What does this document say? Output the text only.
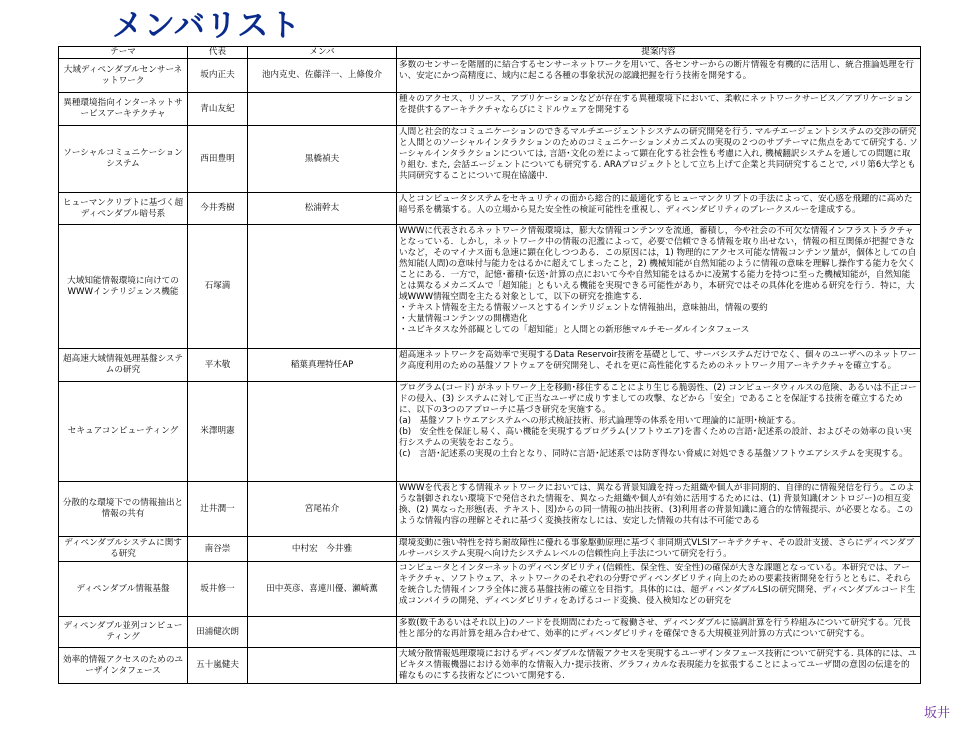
メンバリスト
テーマ	代表	メンバ	提案内容

大域ディペンダブルセンサーネットワーク	坂内正夫	池内克史、佐藤洋一、上條俊介	多数のセンサーを階層的に結合するセンサーネットワークを用いて、各センサーからの断片情報を有機的に活用し、統合推論処理を行い、安定にかつ高精度に、域内に起こる各種の事象状況の認識把握を行う技術を開発する。

異種環境指向インターネットサービスアーキテクチャ	青山友紀		種々のアクセス、リソース、アプリケーションなどが存在する異種環境下において、柔軟にネットワークサービス／アプリケーションを提供するアーキテクチャならびにミドルウェアを開発する

ソーシャルコミュニケーションシステム	西田豊明	黒橋禎夫	人間と社会的なコミュニケーションのできるマルチエージェントシステムの研究開発を行う. マルチエージェントシステムの交渉の研究と人間とのソーシャルインタラクションのためのコミュニケーションメカニズムの実現の２つのサブテーマに焦点をあてて研究する. ソーシャルインタラクションについては, 言語･文化の差によって顕在化する社会性も考慮に入れ, 機械翻訳システムを通しての問題に取り組む. また, 会話エージェントについても研究する. ARAプロジェクトとして立ち上げて企業と共同研究することで, パリ第6大学とも共同研究することについて現在協議中.

ヒューマンクリプトに基づく超ディペンダブル暗号系	今井秀樹	松浦幹太	人とコンピュータシステムをセキュリティの面から総合的に最適化するヒューマンクリプトの手法によって、安心感を飛躍的に高めた暗号系を構築する。人の立場から見た安全性の検証可能性を重視し、ディペンダビリティのブレークスルーを達成する。

大域知能情報環境に向けてのWWWインテリジェンス機能	石塚満		WWWに代表されるネットワーク情報環境は，膨大な情報コンテンツを流通，蓄積し，今や社会の不可欠な情報インフラストラクチャとなっている．しかし，ネットワーク中の情報の氾濫によって，必要で信頼できる情報を取り出せない，情報の相互関係が把握できないなど，そのマイナス面も急速に顕在化しつつある．この原因には，1) 物理的にアクセス可能な情報コンテンツ量が，個体としての自然知能(人間)の意味付与能力をはるかに超えてしまったこと，2) 機械知能が自然知能のように情報の意味を理解し操作する能力を欠くことにある．一方で，記憶･蓄積･伝送･計算の点において今や自然知能をはるかに凌駕する能力を持つに至った機械知能が，自然知能とは異なるメカニズムで「超知能」ともいえる機能を実現できる可能性があり，本研究ではその具体化を進める研究を行う．特に，大域WWW情報空間を主たる対象として，以下の研究を推進する．
・テキスト情報を主たる情報ソースとするインテリジェントな情報抽出，意味抽出，情報の要約
・大量情報コンテンツの開構造化
・ユビキタスな外部観としての「超知能」と人間との新形態マルチモーダルインタフェース

超高速大域情報処理基盤システムの研究	平木敬	稲葉真理特任AP	超高速ネットワークを高効率で実現するData Reservoir技術を基礎として、サーバシステムだけでなく、個々のユーザへのネットワーク高度利用のための基盤ソフトウェアを研究開発し、それを更に高性能化するためのネットワーク用アーキテクチャを確立する。

セキュアコンピューティング	米澤明憲		プログラム(コード) がネットワーク上を移動･移住することにより生じる脆弱性、(2) コンピュータウィルスの危険、あるいは不正コードの侵入、(3) システムに対して正当なユーザに成りすましての攻撃、などから「安全」であることを保証する技術を確立するために、以下の3つのアプローチに基づき研究を実施する。
(a)　基盤ソフトウエアシステムへの形式検証技術、形式論理等の体系を用いて理論的に証明･検証する。
(b)　安全性を保証し易く、高い機能を実現するプログラム(ソフトウエア)を書くための言語･記述系の設計、およびその効率の良い実行システムの実装をおこなう。
(c)　言語･記述系の実現の土台となり、同時に言語･記述系では防ぎ得ない脅威に対処できる基盤ソフトウエアシステムを実現する。

分散的な環境下での情報抽出と情報の共有	辻井潤一	宮尾祐介	WWWを代表とする情報ネットワークにおいては、異なる背景知識を持った組織や個人が非同期的、自律的に情報発信を行う。このような制御されない環境下で発信された情報を、異なった組織や個人が有効に活用するためには、(1) 背景知識(オントロジー)の相互変換、(2) 異なった形態(表、テキスト、図)からの同一情報の抽出技術、(3)利用者の背景知識に適合的な情報提示、が必要となる。このような情報内容の理解とそれに基づく変換技術なしには、安定した情報の共有は不可能である

ディペンダブルシステムに関する研究	南谷崇	中村宏　今井雅	環境変動に強い特性を持ち耐故障性に優れる事象駆動原理に基づく非同期式VLSIアーキテクチャ、その設計支援、さらにディペンダブルサーバシステム実現へ向けたシステムレベルの信頼性向上手法について研究を行う。

ディペンダブル情報基盤	坂井修一	田中英彦、喜連川優、瀬崎薫	コンピュータとインターネットのディペンダビリティ(信頼性、保全性、安全性)の確保が大きな課題となっている。本研究では、アーキテクチャ、ソフトウェア、ネットワークのそれぞれの分野でディペンダビリティ向上のための要素技術開発を行うとともに、それらを統合した情報インフラ全体に渡る基盤技術の確立を目指す。具体的には、超ディペンダブルLSIの研究開発、ディペンダブルコード生成コンパイラの開発、ディペンダビリティをあげるコード変換、侵入検知などの研究を

ディペンダブル並列コンピューティング	田浦健次朗		多数(数千あるいはそれ以上)のノードを長期間にわたって稼働させ、ディペンダブルに協調計算を行う枠組みについて研究する。冗長性と部分的な再計算を組み合わせて、効率的にディペンダビリティを確保できる大規模並列計算の方式について研究する。

効率的情報アクセスのためのユーザインタフェース	五十嵐健夫		大域分散情報処理環境におけるディペンダブルな情報アクセスを実現するユーザインタフェース技術について研究する. 具体的には、ユビキタス情報機器における効率的な情報入力･提示技術、グラフィカルな表現能力を拡張することによってユーザ間の意図の伝達を的確なものにする技術などについて開発する.
坂井
